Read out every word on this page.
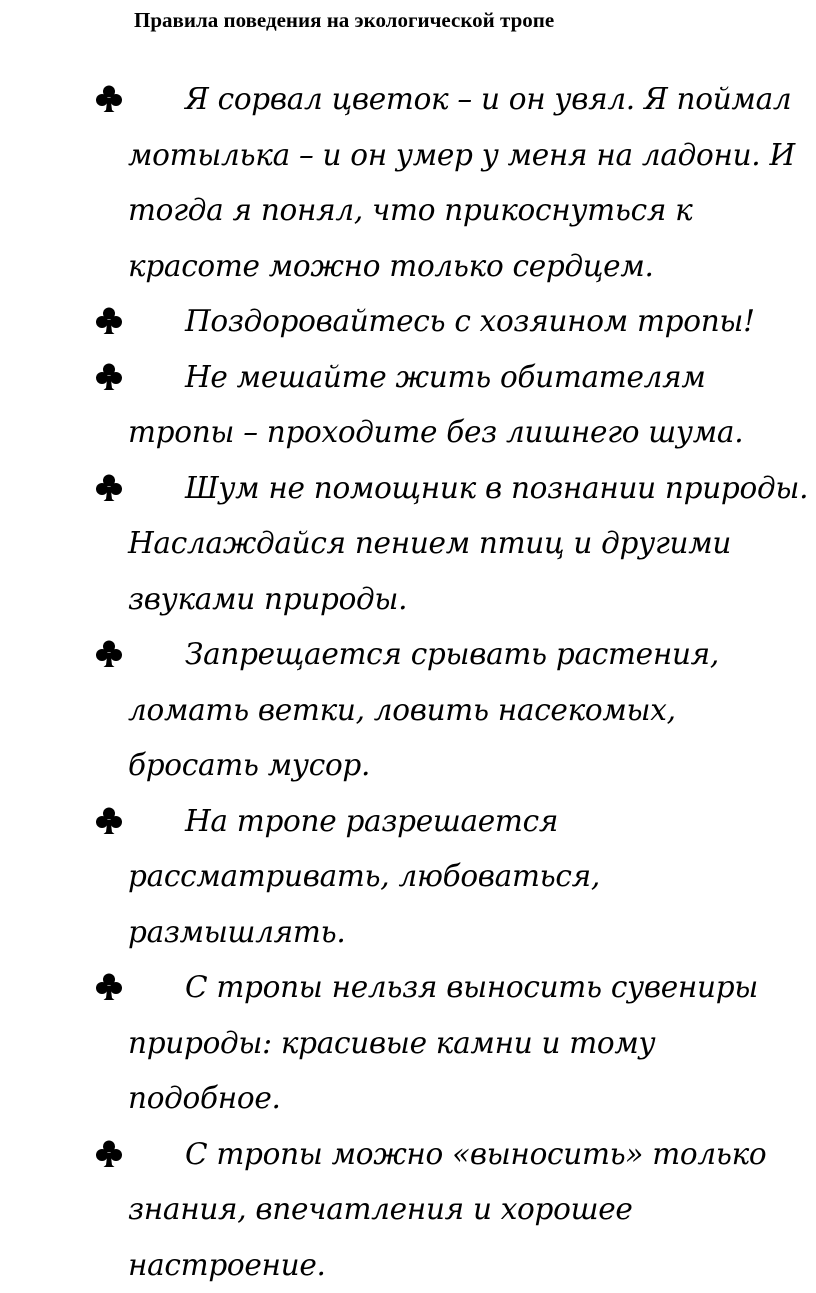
Правила поведения на экологической тропе
Я сорвал цветок – и он увял. Я поймал мотылька – и он умер у меня на ладони. И тогда я понял, что прикоснуться к красоте можно только сердцем.
Поздоровайтесь с хозяином тропы!
Не мешайте жить обитателям тропы – проходите без лишнего шума.
Шум не помощник в познании природы. Наслаждайся пением птиц и другими звуками природы.
Запрещается срывать растения, ломать ветки, ловить насекомых, бросать мусор.
На тропе разрешается рассматривать, любоваться, размышлять.
С тропы нельзя выносить сувениры природы: красивые камни и тому подобное.
С тропы можно «выносить» только знания, впечатления и хорошее настроение.
